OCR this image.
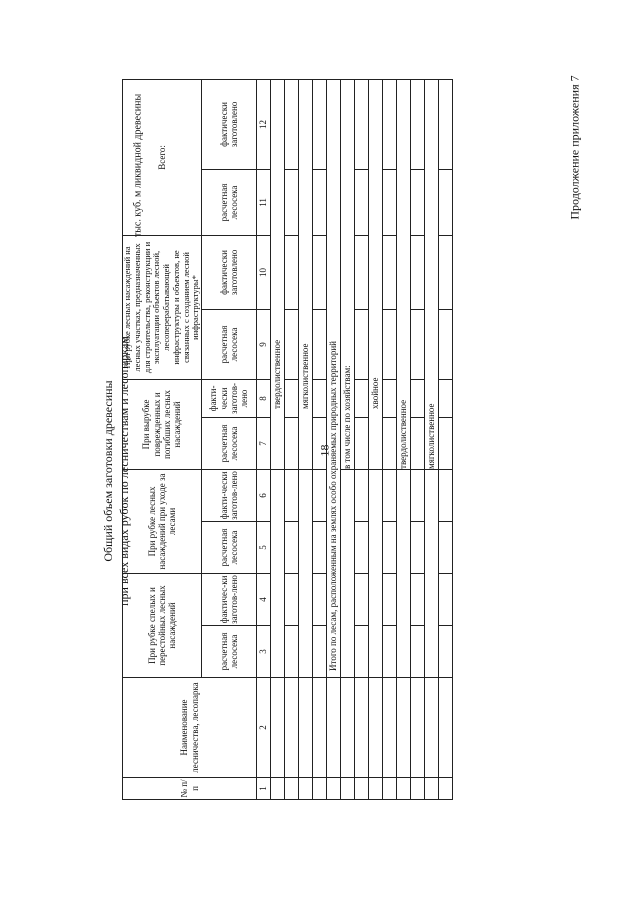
18
Продолжение приложения 7
Общий объем заготовки древесины при всех видах рубок по лесничествам и лесопаркам
тыс. куб. м ликвидной древесины
№ п/п	Наименование лесничества, лесопарка	При рубке спелых и перестойных лесных насаждений		При рубке лесных насаждений при уходе за лесами		При вырубке поврежденных и погибших лесных насаждений		При рубке лесных насаждений на лесных участках, предназначенных для строительства, реконструкции и эксплуатации объектов лесной, лесоперерабатывающей инфраструктуры и объектов, не связанных с созданием лесной инфраструктуры*		Всего:	
		расчетная лесосека	фактичес-ки заготов-лено	расчетная лесосека	факти-чески заготов-лено	расчетная лесосека	факти-чески заготов-лено	расчетная лесосека	фактически заготовлено	расчетная лесосека	фактически заготовлено
1	2	3	4	5	6	7	8	9	10	11	12
						твердолиственное					

						мягколиственное					

		Итого по лесам, расположенным на землях особо охраняемых природных территорий									
						в том числе по хозяйствам:					

						хвойное					

						твердолиственное					

						мягколиственное					
